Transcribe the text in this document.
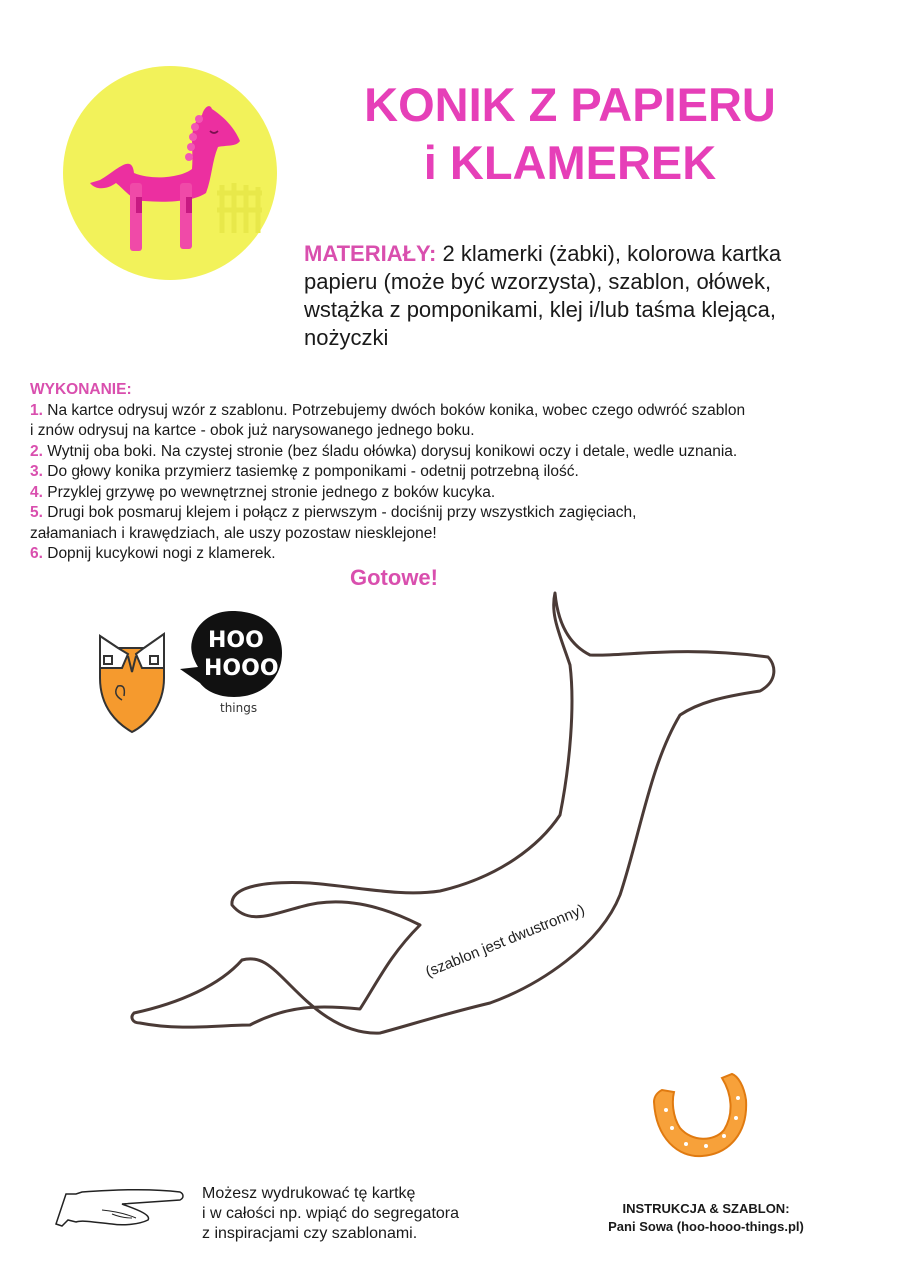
KONIK Z PAPIERU
i KLAMEREK
MATERIAŁY: 2 klamerki (żabki), kolorowa kartka
papieru (może być wzorzysta), szablon, ołówek,
wstążka z pomponikami, klej i/lub taśma klejąca,
nożyczki
WYKONANIE:
1. Na kartce odrysuj wzór z szablonu. Potrzebujemy dwóch boków konika, wobec czego odwróć szablon
i znów odrysuj na kartce - obok już narysowanego jednego boku.
2. Wytnij oba boki. Na czystej stronie (bez śladu ołówka) dorysuj konikowi oczy i detale, wedle uznania.
3. Do głowy konika przymierz tasiemkę z pomponikami - odetnij potrzebną ilość.
4. Przyklej grzywę po wewnętrznej stronie jednego z boków kucyka.
5. Drugi bok posmaruj klejem i połącz z pierwszym - dociśnij przy wszystkich zagięciach,
załamaniach i krawędziach, ale uszy pozostaw niesklejone!
6. Dopnij kucykowi nogi z klamerek.
Gotowe!
HOO
HOOO
things
(szablon jest dwustronny)
Możesz wydrukować tę kartkę
i w całości np. wpiąć do segregatora
z inspiracjami czy szablonami.
INSTRUKCJA & SZABLON:
Pani Sowa (hoo-hooo-things.pl)
